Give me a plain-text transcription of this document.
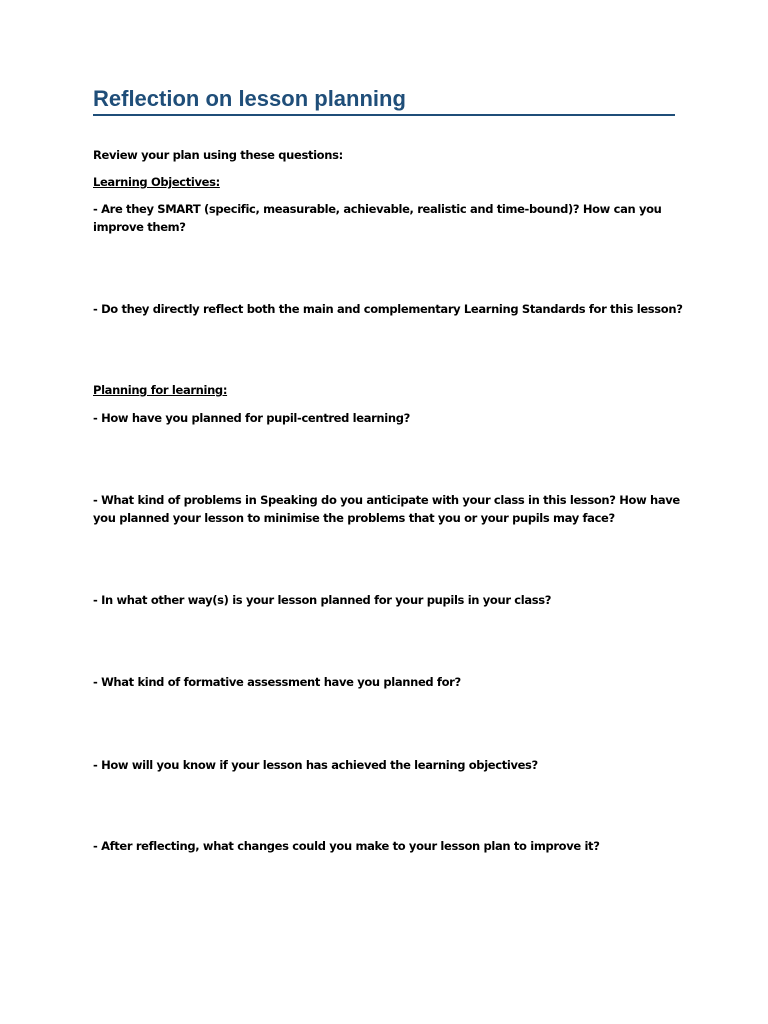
Reflection on lesson planning
Review your plan using these questions:
Learning Objectives:
- Are they SMART (specific, measurable, achievable, realistic and time-bound)? How can you improve them?
- Do they directly reflect both the main and complementary Learning Standards for this lesson?
Planning for learning:
- How have you planned for pupil-centred learning?
- What kind of problems in Speaking do you anticipate with your class in this lesson? How have you planned your lesson to minimise the problems that you or your pupils may face?
- In what other way(s) is your lesson planned for your pupils in your class?
- What kind of formative assessment have you planned for?
- How will you know if your lesson has achieved the learning objectives?
- After reflecting, what changes could you make to your lesson plan to improve it?
